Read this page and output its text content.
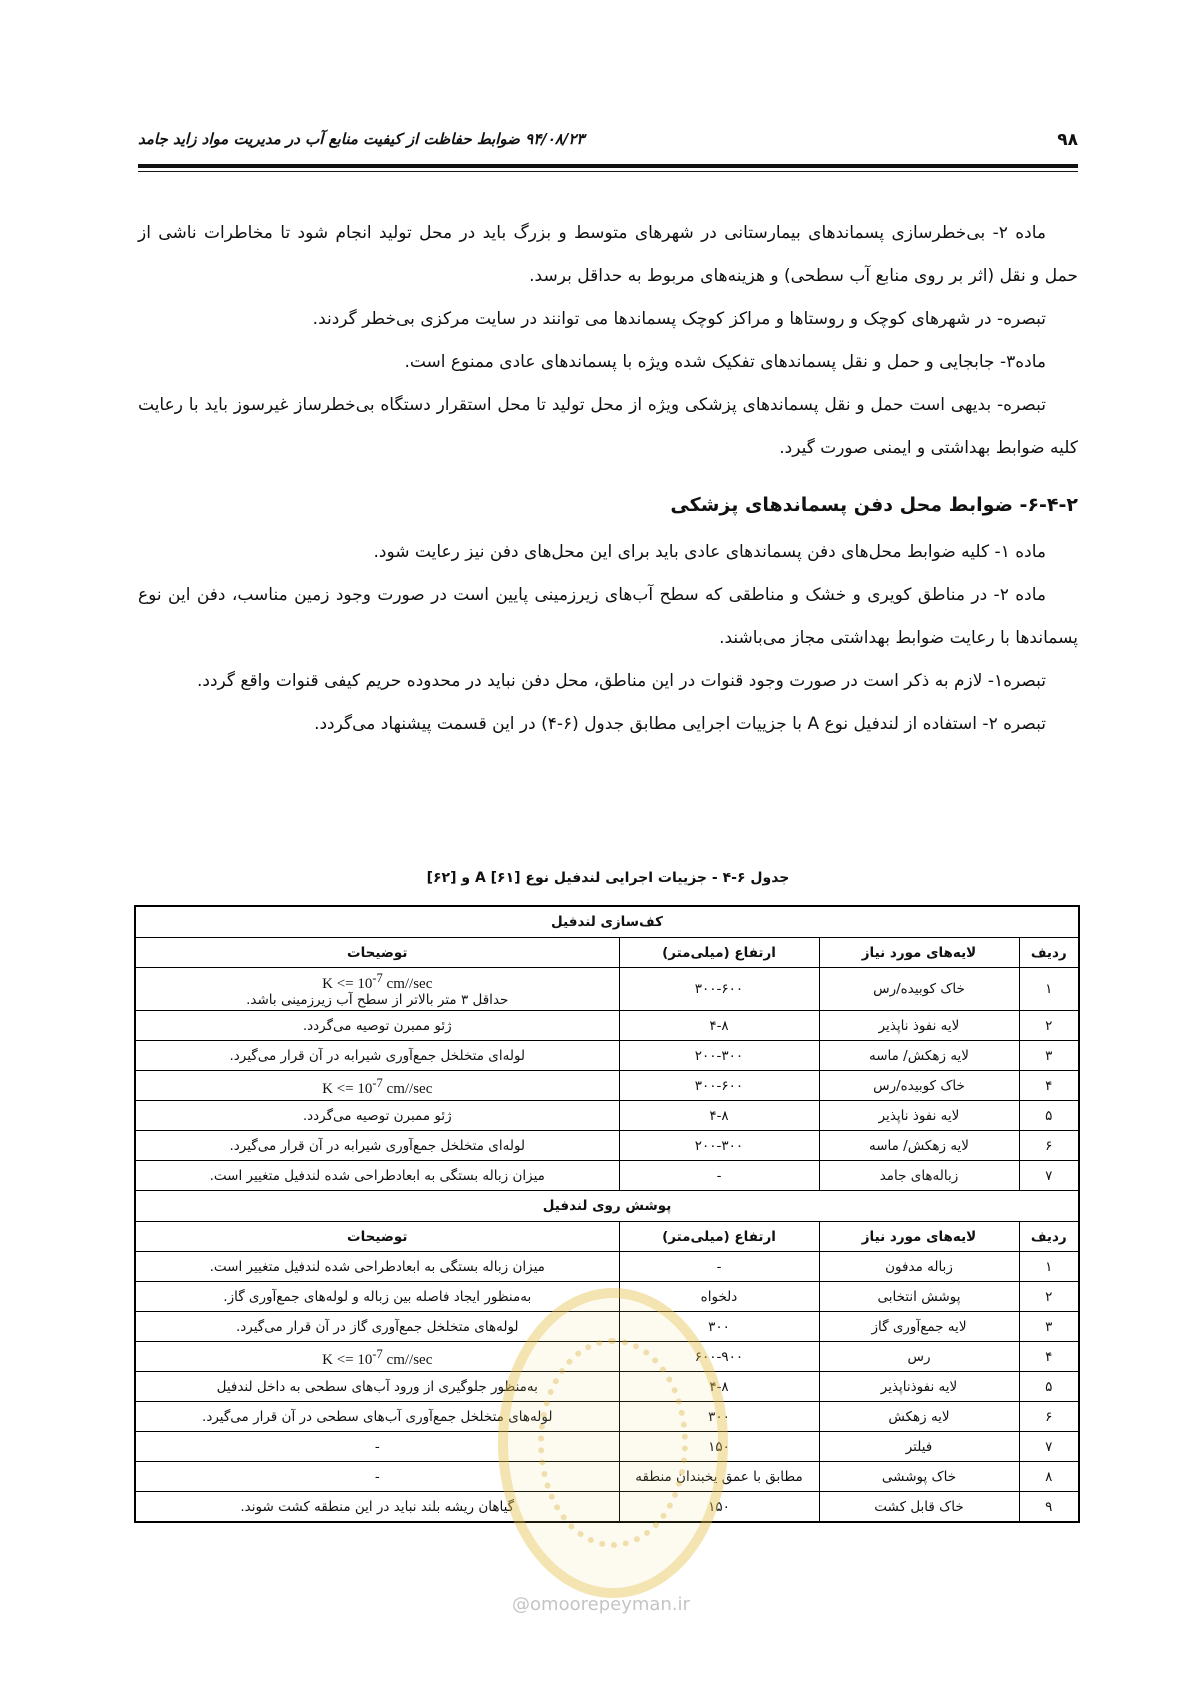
۹۸
۹۴/۰۸/۲۳ ضوابط حفاظت از کیفیت منابع آب در مدیریت مواد زاید جامد

ماده ۲- بی‌خطرسازی پسماندهای بیمارستانی در شهرهای متوسط و بزرگ باید در محل تولید انجام شود تا مخاطرات ناشی از حمل و نقل (اثر بر روی منابع آب سطحی) و هزینه‌های مربوط به حداقل برسد.

تبصره- در شهرهای کوچک و روستاها و مراکز کوچک پسماندها می توانند در سایت مرکزی بی‌خطر گردند.

ماده۳- جابجایی و حمل و نقل پسماندهای تفکیک شده ویژه با پسماندهای عادی ممنوع است.

تبصره- بدیهی است حمل و نقل پسماندهای پزشکی ویژه از محل تولید تا محل استقرار دستگاه بی‌خطرساز غیرسوز باید با رعایت کلیه ضوابط بهداشتی و ایمنی صورت گیرد.

۶-۴-۲- ضوابط محل دفن پسماندهای پزشکی

ماده ۱- کلیه ضوابط محل‌های دفن پسماندهای عادی باید برای این محل‌های دفن نیز رعایت شود.

ماده ۲- در مناطق کویری و خشک و مناطقی که سطح آب‌های زیرزمینی پایین است در صورت وجود زمین مناسب، دفن این نوع پسماندها با رعایت ضوابط بهداشتی مجاز می‌باشند.

تبصره۱- لازم به ذکر است در صورت وجود قنوات در این مناطق، محل دفن نباید در محدوده حریم کیفی قنوات واقع گردد.

تبصره ۲- استفاده از لندفیل نوع A با جزییات اجرایی مطابق جدول (۶-۴) در این قسمت پیشنهاد می‌گردد.

جدول ۶-۴ - جزییات اجرایی لندفیل نوع A [۶۱] و [۶۲]
کف‌سازی لندفیل			
ردیف	لایه‌های مورد نیاز	ارتفاع (میلی‌متر)	توضیحات
۱	خاک کوبیده/رس	۳۰۰-۶۰۰	$K <= 10^{-7}$ cm//sec
حداقل ۳ متر بالاتر از سطح آب زیرزمینی باشد.

۲	لایه نفوذ ناپذیر	۴-۸	ژئو ممبرن توصیه می‌گردد.
۳	لایه زهکش/ ماسه	۲۰۰-۳۰۰	لوله‌ای متخلخل جمع‌آوری شیرابه در آن قرار می‌گیرد.
۴	خاک کوبیده/رس	۳۰۰-۶۰۰	$K <= 10^{-7}$ cm//sec
۵	لایه نفوذ ناپذیر	۴-۸	ژئو ممبرن توصیه می‌گردد.
۶	لایه زهکش/ ماسه	۲۰۰-۳۰۰	لوله‌ای متخلخل جمع‌آوری شیرابه در آن قرار می‌گیرد.
۷	زباله‌های جامد	-	میزان زباله بستگی به ابعادطراحی شده لندفیل متغییر است.
پوشش روی لندفیل			
ردیف	لایه‌های مورد نیاز	ارتفاع (میلی‌متر)	توضیحات
۱	زباله مدفون	-	میزان زباله بستگی به ابعادطراحی شده لندفیل متغییر است.
۲	پوشش انتخابی	دلخواه	به‌منظور ایجاد فاصله بین زباله و لوله‌های جمع‌آوری گاز.
۳	لایه جمع‌آوری گاز	۳۰۰	لوله‌های متخلخل جمع‌آوری گاز در آن قرار می‌گیرد.
۴	رس	۶۰۰-۹۰۰	$K <= 10^{-7}$ cm//sec
۵	لایه نفوذناپذیر	۴-۸	به‌منظور جلوگیری از ورود آب‌های سطحی به داخل لندفیل
۶	لایه زهکش	۳۰۰	لوله‌های متخلخل جمع‌آوری آب‌های سطحی در آن قرار می‌گیرد.
۷	فیلتر	۱۵۰	-
۸	خاک پوششی	مطابق با عمق یخبندان منطقه	-
۹	خاک قابل کشت	۱۵۰	گیاهان ریشه بلند نباید در این منطقه کشت شوند.
@omoorepeyman.ir
